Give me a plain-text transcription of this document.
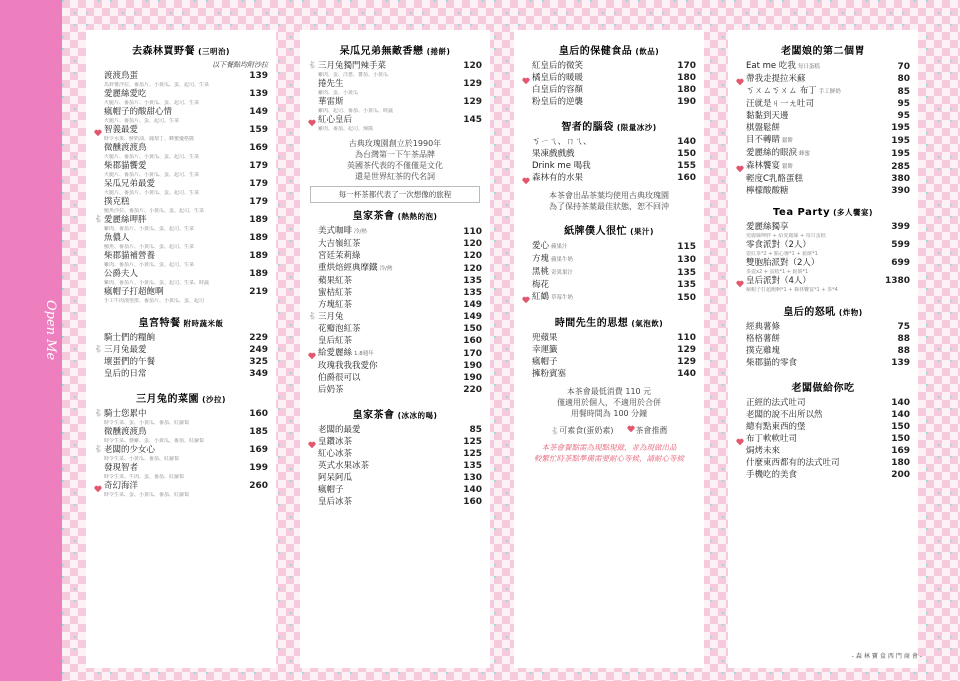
Open Me
去森林買野餐 (三明治)
以下餐點均附沙拉
渡渡鳥蛋	139
馬鈴薯沙拉、番茄片、小黃瓜、蛋、起司、生菜
愛麗絲愛吃	139
火腿片、番茄片、小黃瓜、蛋、起司、生菜
瘋帽子的酸甜心情	149
火腿片、番茄片、蛋、起司、生菜
智義最愛	159
時令水果、鮮奶油、鳳梨丁、蜂蜜優格醬
微醺渡渡鳥	169
火腿片、番茄片、小黃瓜、蛋、起司、生菜
柴郡貓饗愛	179
火腿片、番茄片、小黃瓜、蛋、起司、生菜
呆瓜兄弟最愛	179
火腿片、番茄片、小黃瓜、蛋、起司、生菜
撲克糕	179
鮪魚沙拉、番茄片、小黃瓜、蛋、起司、生菜
🐇 愛麗絲呷胖	189
雞肉、番茄片、小黃瓜、蛋、起司、生菜
魚儂人	189
鮪魚、番茄片、小黃瓜、蛋、起司、生菜
柴郡貓補營養	189
雞肉、番茄片、小黃瓜、蛋、起司、生菜
公爵夫人	189
雞肉、番茄片、小黃瓜、蛋、起司、生菜、時蔬
瘋帽子打超飽啊	219
手工牛肉漢堡排、番茄片、小黃瓜、蛋、起司
皇宮特餐 附時蔬米飯
騎士們的糧餉	229
🐇 三月兔最愛	249
壞蛋們的午餐	325
皇后的日常	349
三月兔的菜園 (沙拉)
🐇 騎士您累中	160
時令生菜、蛋、小黃瓜、番茄、紅蘿蔔
微醺渡渡鳥	185
時令生菜、燻雞、蛋、小黃瓜、番茄、紅蘿蔔
🐇 老闆的少女心	169
時令生菜、小黃瓜、番茄、紅蘿蔔
發現智者	199
時令生菜、牛肉、蛋、番茄、紅蘿蔔
奇幻海洋	260
時令生菜、蛋、小黃瓜、番茄、紅蘿蔔
呆瓜兄弟無敵香戀 (捲餅)
🐇 三月兔獨門辣手菜	120
雞肉、蛋、洋蔥、蕃茄、小黃瓜
捲先生	129
雞肉、蛋、小黃瓜
華雷斯	129
雞肉、起司、番茄、小黃瓜、時蔬
紅心皇后	145
雞肉、番茄、起司、辣醬
古典玫瑰園創立於1990年
為台灣第一下午茶品牌
英國茶代表的不僅僅是文化
還是世界紅茶的代名詞
每一杯茶都代表了一次想像的旅程
皇家茶會 (熱熱的泡)
美式咖啡 冷/熱	110
大吉嶺紅茶	120
宮廷茉莉綠	120
重烘焙經典摩鐵 冷/熱	120
蘋果紅茶	135
蜜桔紅茶	135
方塊紅茶	149
🐇 三月兔	149
花瓣泡紅茶	150
皇后紅茶	160
給愛麗絲 1.8週年	170
玫瑰我我我愛你	190
伯爵很可以	190
后奶茶	220
皇家茶會 (冰冰的喝)
老闆的最愛	85
皇鑽冰茶	125
紅心冰茶	125
英式水果冰茶	135
阿呆阿瓜	130
瘋帽子	140
皇后冰茶	160
皇后的保健食品 (飲品)
紅皇后的微笑	170
橘皇后的暖暖	180
白皇后的容顏	180
粉皇后的逆襲	190
智者的腦袋 (限量冰沙)
ㄎㄧㄟ、ㄇㄟ、	140
果凍戲戲戲	150
Drink me 喝我	155
森林有的水果	160
本茶會出品茶葉均使用古典玫瑰園
為了保持茶葉最佳狀態，恕不回沖
紙牌僕人很忙 (果汁)
愛心 蘋果汁	115
方塊 蘋果牛奶	130
黑桃 奇異果汁	135
梅花	135
紅鶴 草莓牛奶	150
時間先生的思想 (氣泡飲)
兜蘋果	110
幸運籤	129
瘋帽子	129
擁粉賓塞	140
本茶會最低消費 110 元
僅適用於個人，不適用於合併
用餐時間為 100 分鐘
🐇可素食(蛋奶素)	茶會推薦
本茶會餐點需為現點現做，並為現做出品
較繁忙時茶點準備需要耐心等候，請耐心等候
老闆娘的第二個胃
Eat me 吃我 每日蛋糕	70
帶我走提拉米蘇	80
ㄎㄨㄙㄎㄨㄙ 布丁 手工鮮奶	85
汪就是ㄐ一ㄤ吐司	95
黏黏到天邊	95
棋盤鬆餅	195
目不轉睛 鬆餅	195
愛麗絲的眼淚 蜂蜜	195
森林饗宴 鬆餅	285
輕度C乳酪蛋糕	380
檸檬酸酸糖	390
Tea Party (多人饗宴)
愛麗絲獨享	399
愛麗絲呷胖 + 給愛麗絲 + 每日蛋糕
零食派對（2人）	599
壺紅茶*2 + 點心盤*1 + 鬆餅*1
雙胞胎派對（2人）	699
茶壺x2 + 蛋糕*1 + 鬆餅*1
皇后派對（4人）	1380
瘋帽子打超飽啊*1 + 森林饗宴*1 + 茶*4
皇后的怒吼 (炸物)
經典薯條	75
格格薯餅	88
撲克雞塊	88
柴郡貓的零食	139
老闆做給你吃
正經的法式吐司	140
老闆的說不出所以然	140
總有點東西的堡	150
布丁軟軟吐司	150
焗烤未來	169
什麼東西都有的法式吐司	180
手機吃的美食	200
-森林寶盒西門商會-
